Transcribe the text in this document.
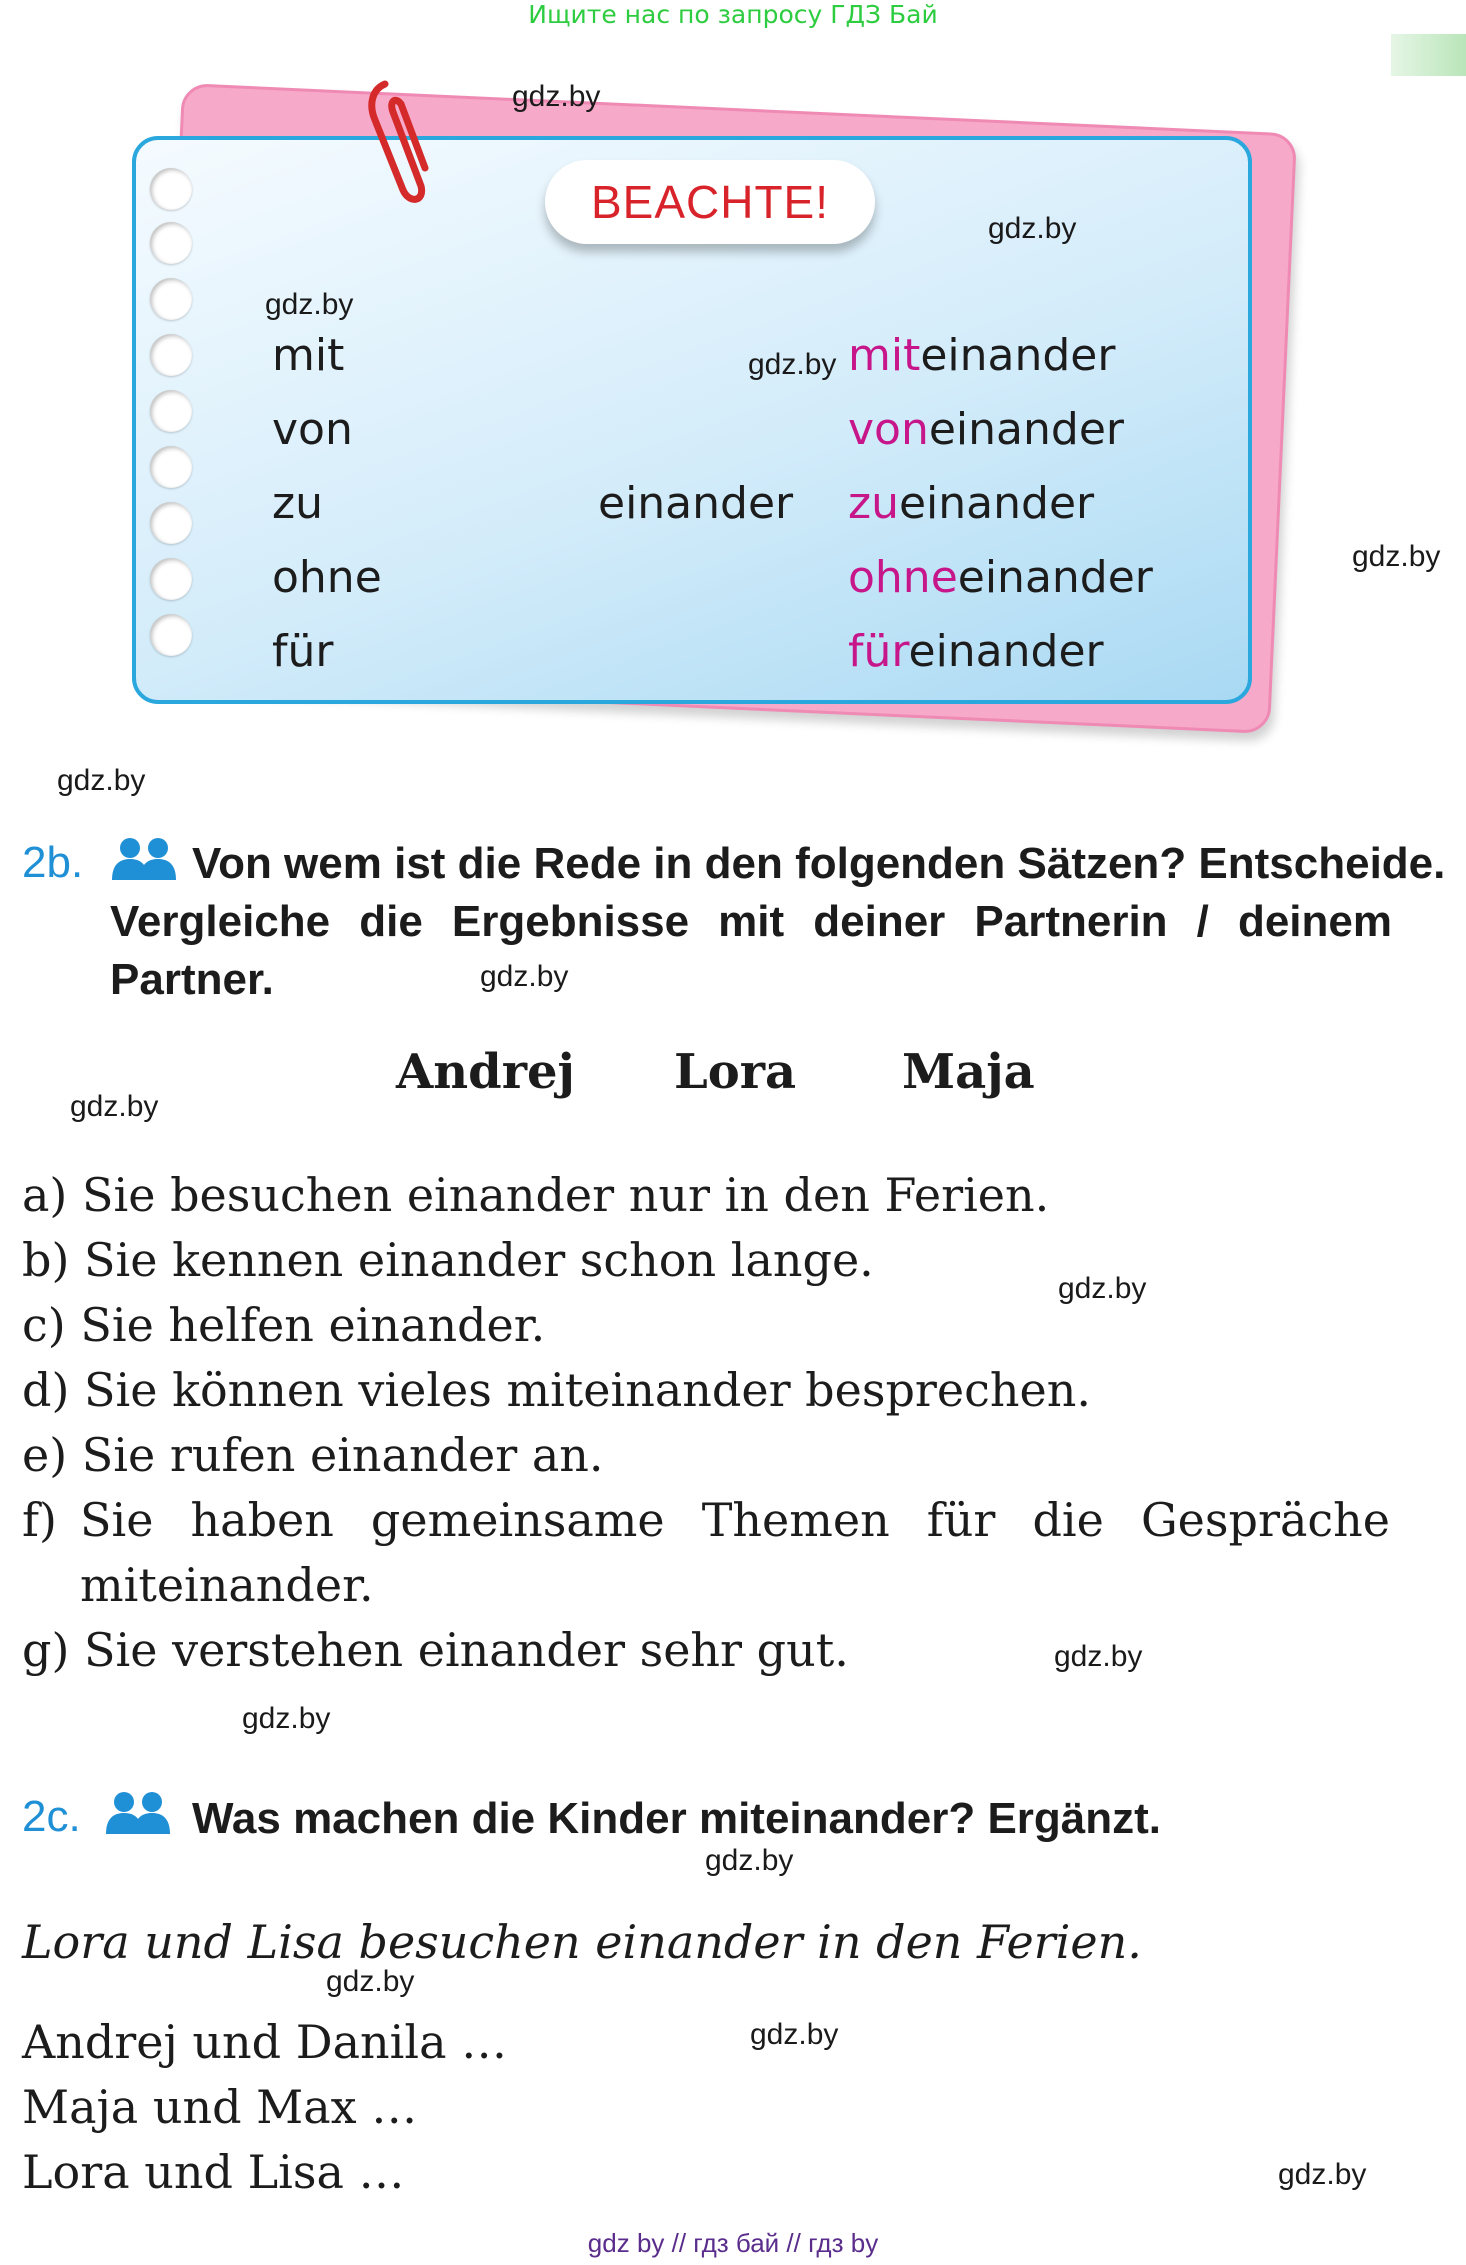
Ищите нас по запросу ГДЗ Бай
BEACHTE!
mit
von
zu
ohne
für
einander
miteinander
voneinander
zueinander
ohneeinander
füreinander
gdz.by
gdz.by
gdz.by
gdz.by
gdz.by
gdz.by
gdz.by
gdz.by
gdz.by
gdz.by
gdz.by
gdz.by
gdz.by
gdz.by
gdz.by
2b. Von wem ist die Rede in den folgenden Sätzen? Entscheide.
Vergleiche die Ergebnisse mit deiner Partnerin / deinem
Partner.
Andrej Lora Maja
a) Sie besuchen einander nur in den Ferien.
b) Sie kennen einander schon lange.
c) Sie helfen einander.
d) Sie können vieles miteinander besprechen.
e) Sie rufen einander an.
f) Sie haben gemeinsame Themen für die Gespräche
miteinander.
g) Sie verstehen einander sehr gut.
2c.	Was machen die Kinder miteinander? Ergänzt.
Lora und Lisa besuchen einander in den Ferien.
Andrej und Danila …
Maja und Max …
Lora und Lisa …
gdz by // гдз бай // гдз by
